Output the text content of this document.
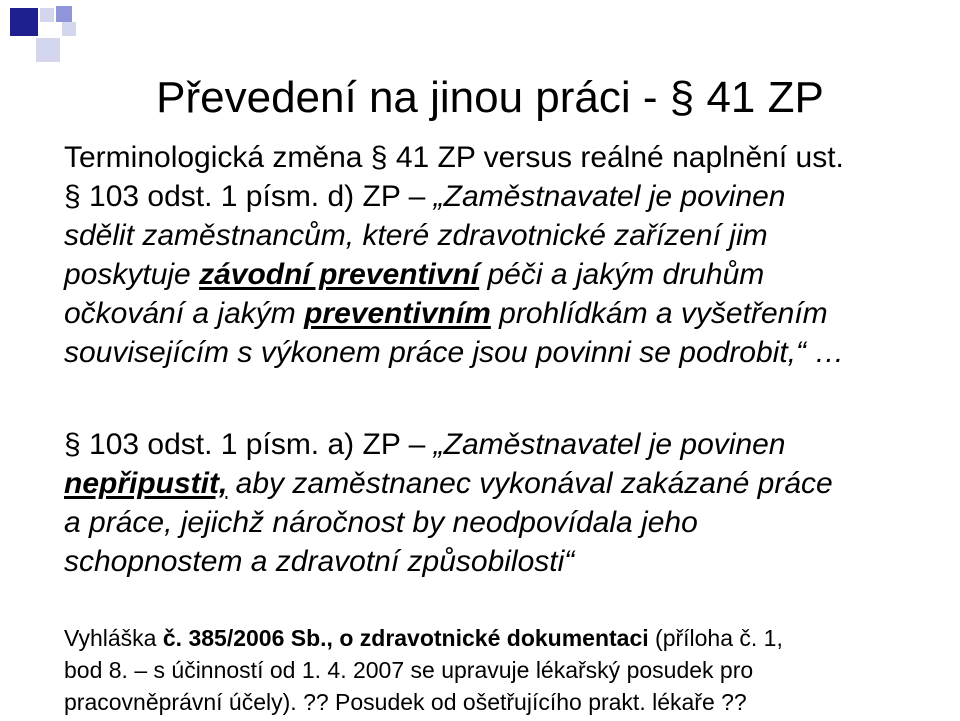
Převedení na jinou práci - § 41 ZP
Terminologická změna § 41 ZP versus reálné naplnění ust.
§ 103 odst. 1 písm. d) ZP – „Zaměstnavatel je povinen
sdělit zaměstnancům, které zdravotnické zařízení jim
poskytuje závodní preventivní péči a jakým druhům
očkování a jakým preventivním prohlídkám a vyšetřením
souvisejícím s výkonem práce jsou povinni se podrobit,“ …
§ 103 odst. 1 písm. a) ZP – „Zaměstnavatel je povinen
nepřipustit, aby zaměstnanec vykonával zakázané práce
a práce, jejichž náročnost by neodpovídala jeho
schopnostem a zdravotní způsobilosti“
Vyhláška č. 385/2006 Sb., o zdravotnické dokumentaci (příloha č. 1,
bod 8. – s účinností od 1. 4. 2007 se upravuje lékařský posudek pro
pracovněprávní účely). ?? Posudek od ošetřujícího prakt. lékaře ??
